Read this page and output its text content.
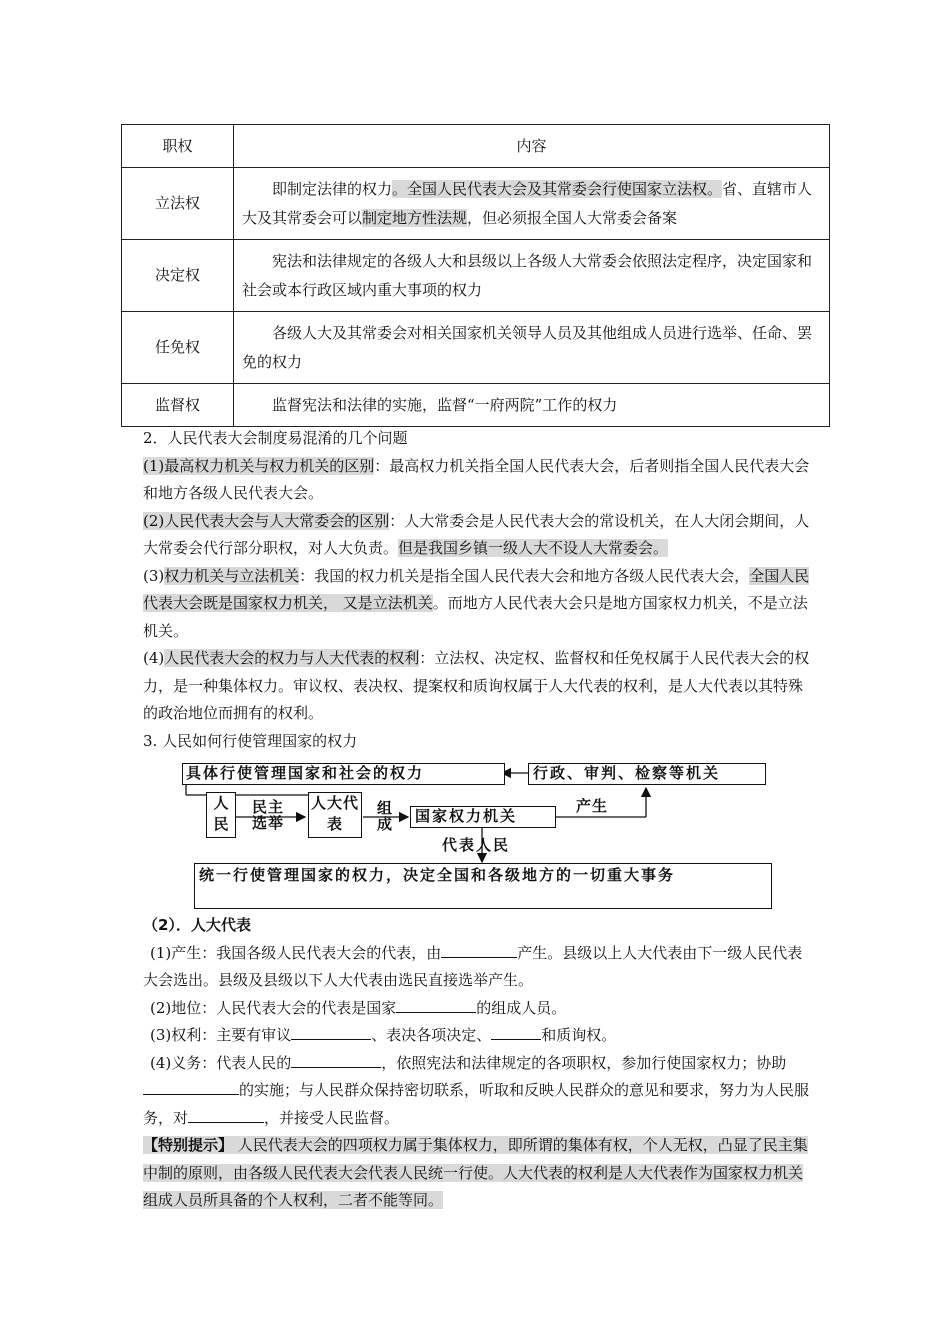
职权	内容
立法权	即制定法律的权力。全国人民代表大会及其常委会行使国家立法权。省、直辖市人大及其常委会可以制定地方性法规，但必须报全国人大常委会备案
决定权	宪法和法律规定的各级人大和县级以上各级人大常委会依照法定程序，决定国家和社会或本行政区域内重大事项的权力
任免权	各级人大及其常委会对相关国家机关领导人员及其他组成人员进行选举、任命、罢免的权力
监督权	监督宪法和法律的实施，监督“一府两院”工作的权力

2．人民代表大会制度易混淆的几个问题

(1)最高权力机关与权力机关的区别：最高权力机关指全国人民代表大会，后者则指全国人民代表大会和地方各级人民代表大会。

(2)人民代表大会与人大常委会的区别：人大常委会是人民代表大会的常设机关，在人大闭会期间，人大常委会代行部分职权，对人大负责。但是我国乡镇一级人大不设人大常委会。

(3)权力机关与立法机关：我国的权力机关是指全国人民代表大会和地方各级人民代表大会，全国人民代表大会既是国家权力机关， 又是立法机关。而地方人民代表大会只是地方国家权力机关，不是立法机关。

(4)人民代表大会的权力与人大代表的权利：立法权、决定权、监督权和任免权属于人民代表大会的权力，是一种集体权力。审议权、表决权、提案权和质询权属于人大代表的权利，是人大代表以其特殊的政治地位而拥有的权利。

3. 人民如何行使管理国家的权力

具体行使管理国家和社会的权力	行政、审判、检察等机关
人民
民主选举
人大代表
组成	国家权力机关
产生
代表人民
统一行使管理国家的权力，决定全国和各级地方的一切重大事务

（2）．人大代表

(1)产生：我国各级人民代表大会的代表，由	产生。县级以上人大代表由下一级人民代表大会选出。县级及县级以下人大代表由选民直接选举产生。

(2)地位：人民代表大会的代表是国家	的组成人员。

(3)权利：主要有审议	、表决各项决定、	和质询权。

(4)义务：代表人民的	，依照宪法和法律规定的各项职权，参加行使国家权力；协助的实施；与人民群众保持密切联系，听取和反映人民群众的意见和要求，努力为人民服务，对	，并接受人民监督。

【特别提示】 人民代表大会的四项权力属于集体权力，即所谓的集体有权，个人无权，凸显了民主集中制的原则，由各级人民代表大会代表人民统一行使。人大代表的权利是人大代表作为国家权力机关组成人员所具备的个人权利，二者不能等同。
